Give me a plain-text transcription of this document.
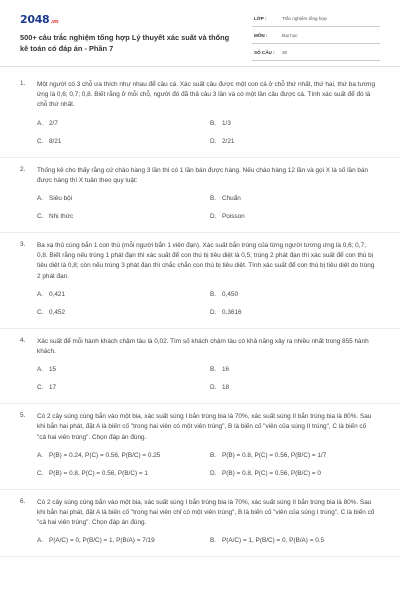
2048.vn
500+ câu trắc nghiệm tổng hợp Lý thuyết xác suất và thống kê toán có đáp án - Phần 7
LỚP :	Trắc nghiệm tổng hợp
MÔN :	Đại học
SỐ CÂU : 30
1. Một người có 3 chỗ ưa thích như nhau để câu cá. Xác suất câu được một con cá ở chỗ thứ nhất, thứ hai, thứ ba tương ứng là 0,6; 0,7; 0,8. Biết rằng ở mỗi chỗ, người đó đã thả câu 3 lần và có một lần câu được cá. Tính xác suất để đó là chỗ thứ nhất.
A. 2/7	B. 1/3
C. 8/21	D. 2/21
2. Thống kê cho thấy rằng cứ chào hàng 3 lần thì có 1 lần bán được hàng. Nếu chào hàng 12 lần và gọi X là số lần bán được hàng thì X tuân theo quy luật:
A. Siêu bội	B. Chuẩn
C. Nhị thức	D. Poisson
3. Ba xạ thủ cùng bắn 1 con thú (mỗi người bắn 1 viên đạn). Xác suất bắn trúng của từng người tương ứng là 0,6; 0,7; 0,8. Biết rằng nếu trúng 1 phát đạn thì xác suất để con thú bị tiêu diệt là 0,5; trúng 2 phát đạn thì xác suất để con thú bị tiêu diệt là 0,8; còn nếu trúng 3 phát đạn thì chắc chắn con thú bị tiêu diệt. Tính xác suất để con thú bị tiêu diệt do trúng 2 phát đạn.
A. 0,421	B. 0,450
C. 0,452	D. 0,3616
4. Xác suất để mỗi hành khách chậm tàu là 0,02. Tìm số khách chậm tàu có khả năng xảy ra nhiều nhất trong 855 hành khách.
A. 15	B. 16
C. 17	D. 18
5. Có 2 cây súng cùng bắn vào một bia, xác suất súng I bắn trúng bia là 70%, xác suất súng II bắn trúng bia là 80%. Sau khi bắn hai phát, đặt A là biến cố "trong hai viên có một viên trúng", B là biến cố "viên của súng II trúng", C là biến cố "cả hai viên trúng". Chọn đáp án đúng.
A. P(B) = 0.24, P(C) = 0.56, P(B/C) = 0.25	B. P(B) = 0.8, P(C) = 0.56, P(B/C) = 1/7
C. P(B) = 0.8, P(C) = 0.56, P(B/C) = 1	D. P(B) = 0.8, P(C) = 0.56, P(B/C) = 0
6. Có 2 cây súng cùng bắn vào một bia, xác suất súng I bắn trúng bia là 70%, xác suất súng II bắn trúng bia là 80%. Sau khi bắn hai phát, đặt A là biến cố "trong hai viên chỉ có một viên trúng", B là biến cố "viên của súng I trúng", C là biến cố "cả hai viên trúng". Chọn đáp án đúng.
A. P(A/C) = 0, P(B/C) = 1, P(B/A) = 7/19	B. P(A/C) = 1, P(B/C) = 0, P(B/A) = 0.5
